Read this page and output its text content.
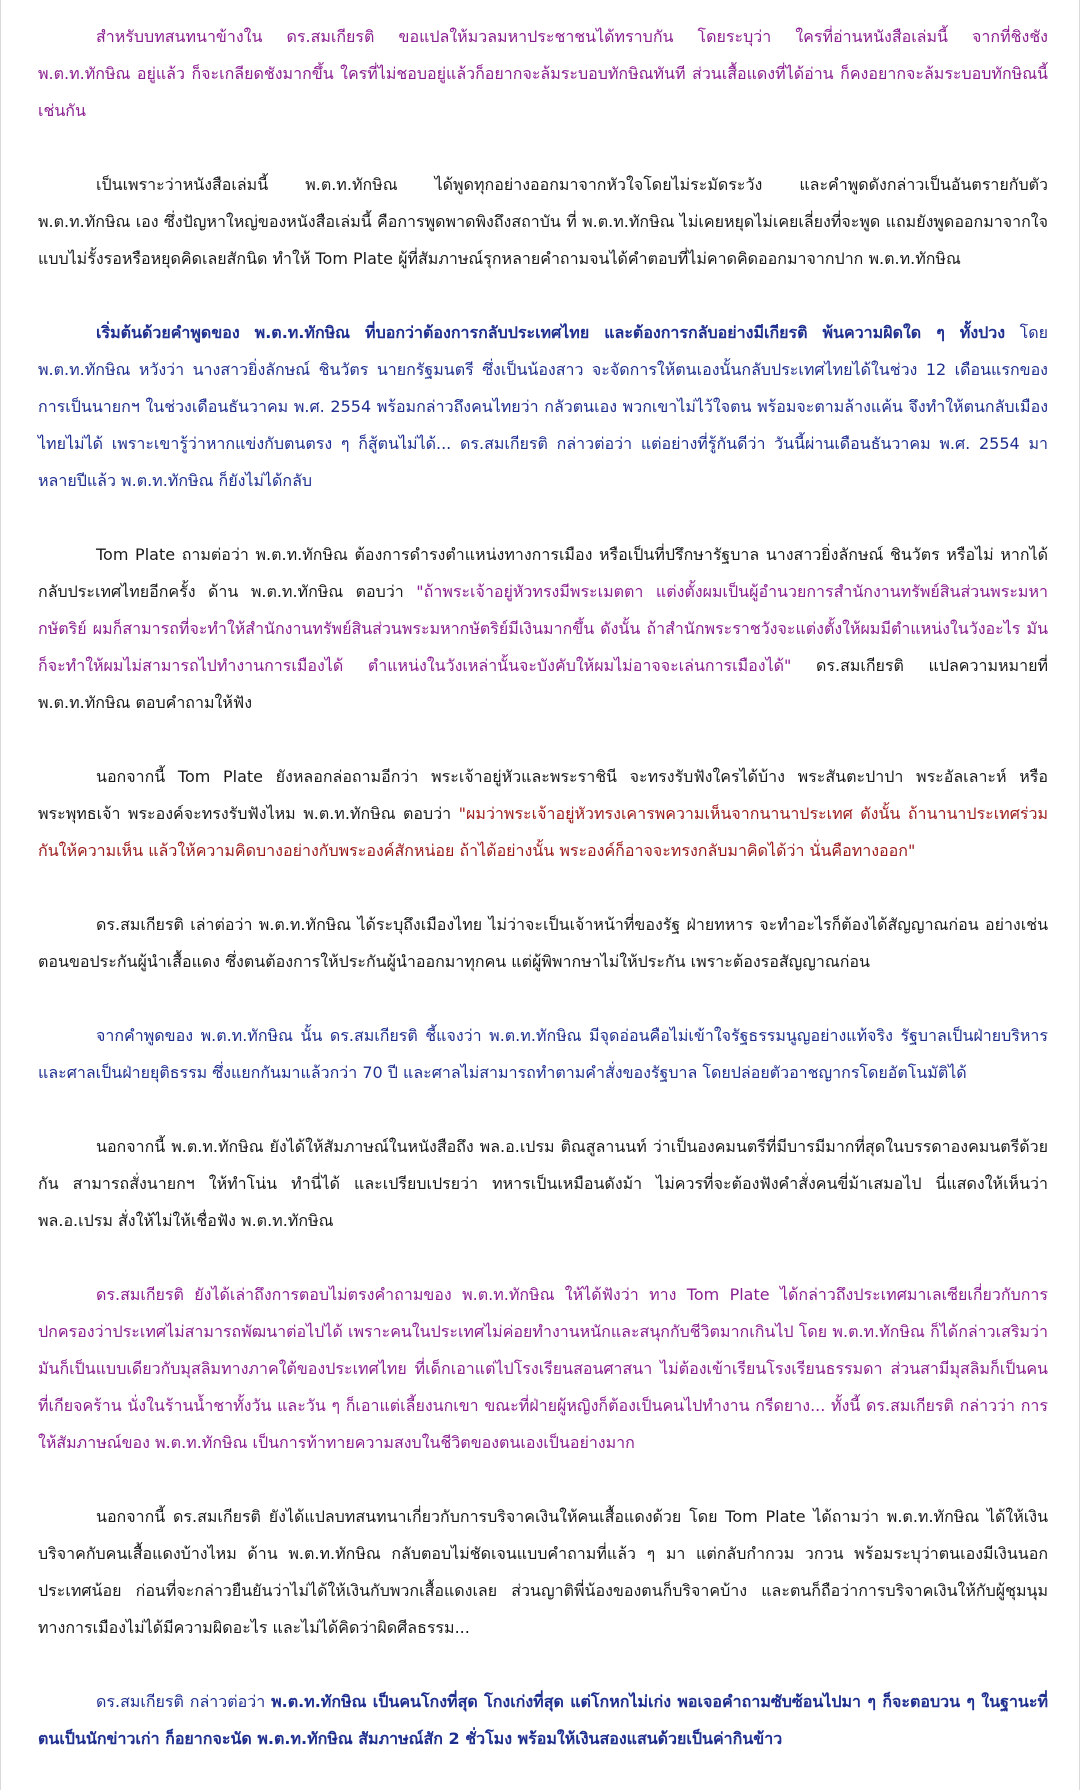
สำหรับบทสนทนาข้างใน ดร.สมเกียรติ ขอแปลให้มวลมหาประชาชนได้ทราบกัน โดยระบุว่า ใครที่อ่านหนังสือเล่มนี้ จากที่ชิงชัง พ.ต.ท.ทักษิณ อยู่แล้ว ก็จะเกลียดชังมากขึ้น ใครที่ไม่ชอบอยู่แล้วก็อยากจะล้มระบอบทักษิณทันที ส่วนเสื้อแดงที่ได้อ่าน ก็คงอยากจะล้มระบอบทักษิณนี้เช่นกัน

เป็นเพราะว่าหนังสือเล่มนี้ พ.ต.ท.ทักษิณ ได้พูดทุกอย่างออกมาจากหัวใจโดยไม่ระมัดระวัง และคำพูดดังกล่าวเป็นอันตรายกับตัว พ.ต.ท.ทักษิณ เอง ซึ่งปัญหาใหญ่ของหนังสือเล่มนี้ คือการพูดพาดพิงถึงสถาบัน ที่ พ.ต.ท.ทักษิณ ไม่เคยหยุดไม่เคยเลี่ยงที่จะพูด แถมยังพูดออกมาจากใจแบบไม่รั้งรอหรือหยุดคิดเลยสักนิด ทำให้ Tom Plate ผู้ที่สัมภาษณ์รุกหลายคำถามจนได้คำตอบที่ไม่คาดคิดออกมาจากปาก พ.ต.ท.ทักษิณ

เริ่มต้นด้วยคำพูดของ พ.ต.ท.ทักษิณ ที่บอกว่าต้องการกลับประเทศไทย และต้องการกลับอย่างมีเกียรติ พ้นความผิดใด ๆ ทั้งปวง โดย พ.ต.ท.ทักษิณ หวังว่า นางสาวยิ่งลักษณ์ ชินวัตร นายกรัฐมนตรี ซึ่งเป็นน้องสาว จะจัดการให้ตนเองนั้นกลับประเทศไทยได้ในช่วง 12 เดือนแรกของการเป็นนายกฯ ในช่วงเดือนธันวาคม พ.ศ. 2554 พร้อมกล่าวถึงคนไทยว่า กลัวตนเอง พวกเขาไม่ไว้ใจตน พร้อมจะตามล้างแค้น จึงทำให้ตนกลับเมืองไทยไม่ได้ เพราะเขารู้ว่าหากแข่งกับตนตรง ๆ ก็สู้ตนไม่ได้... ดร.สมเกียรติ กล่าวต่อว่า แต่อย่างที่รู้กันดีว่า วันนี้ผ่านเดือนธันวาคม พ.ศ. 2554 มาหลายปีแล้ว พ.ต.ท.ทักษิณ ก็ยังไม่ได้กลับ

Tom Plate ถามต่อว่า พ.ต.ท.ทักษิณ ต้องการดำรงตำแหน่งทางการเมือง หรือเป็นที่ปรึกษารัฐบาล นางสาวยิ่งลักษณ์ ชินวัตร หรือไม่ หากได้กลับประเทศไทยอีกครั้ง ด้าน พ.ต.ท.ทักษิณ ตอบว่า "ถ้าพระเจ้าอยู่หัวทรงมีพระเมตตา แต่งตั้งผมเป็นผู้อำนวยการสำนักงานทรัพย์สินส่วนพระมหากษัตริย์ ผมก็สามารถที่จะทำให้สำนักงานทรัพย์สินส่วนพระมหากษัตริย์มีเงินมากขึ้น ดังนั้น ถ้าสำนักพระราชวังจะแต่งตั้งให้ผมมีตำแหน่งในวังอะไร มันก็จะทำให้ผมไม่สามารถไปทำงานการเมืองได้ ตำแหน่งในวังเหล่านั้นจะบังคับให้ผมไม่อาจจะเล่นการเมืองได้" ดร.สมเกียรติ แปลความหมายที่ พ.ต.ท.ทักษิณ ตอบคำถามให้ฟัง

นอกจากนี้ Tom Plate ยังหลอกล่อถามอีกว่า พระเจ้าอยู่หัวและพระราชินี จะทรงรับฟังใครได้บ้าง พระสันตะปาปา พระอัลเลาะห์ หรือพระพุทธเจ้า พระองค์จะทรงรับฟังไหม พ.ต.ท.ทักษิณ ตอบว่า "ผมว่าพระเจ้าอยู่หัวทรงเคารพความเห็นจากนานาประเทศ ดังนั้น ถ้านานาประเทศร่วมกันให้ความเห็น แล้วให้ความคิดบางอย่างกับพระองค์สักหน่อย ถ้าได้อย่างนั้น พระองค์ก็อาจจะทรงกลับมาคิดได้ว่า นั่นคือทางออก"

ดร.สมเกียรติ เล่าต่อว่า พ.ต.ท.ทักษิณ ได้ระบุถึงเมืองไทย ไม่ว่าจะเป็นเจ้าหน้าที่ของรัฐ ฝ่ายทหาร จะทำอะไรก็ต้องได้สัญญาณก่อน อย่างเช่นตอนขอประกันผู้นำเสื้อแดง ซึ่งตนต้องการให้ประกันผู้นำออกมาทุกคน แต่ผู้พิพากษาไม่ให้ประกัน เพราะต้องรอสัญญาณก่อน

จากคำพูดของ พ.ต.ท.ทักษิณ นั้น ดร.สมเกียรติ ชี้แจงว่า พ.ต.ท.ทักษิณ มีจุดอ่อนคือไม่เข้าใจรัฐธรรมนูญอย่างแท้จริง รัฐบาลเป็นฝ่ายบริหารและศาลเป็นฝ่ายยุติธรรม ซึ่งแยกกันมาแล้วกว่า 70 ปี และศาลไม่สามารถทำตามคำสั่งของรัฐบาล โดยปล่อยตัวอาชญากรโดยอัตโนมัติได้

นอกจากนี้ พ.ต.ท.ทักษิณ ยังได้ให้สัมภาษณ์ในหนังสือถึง พล.อ.เปรม ติณสูลานนท์ ว่าเป็นองคมนตรีที่มีบารมีมากที่สุดในบรรดาองคมนตรีด้วยกัน สามารถสั่งนายกฯ ให้ทำโน่น ทำนี่ได้ และเปรียบเปรยว่า ทหารเป็นเหมือนดังม้า ไม่ควรที่จะต้องฟังคำสั่งคนขี่ม้าเสมอไป นี่แสดงให้เห็นว่า พล.อ.เปรม สั่งให้ไม่ให้เชื่อฟัง พ.ต.ท.ทักษิณ

ดร.สมเกียรติ ยังได้เล่าถึงการตอบไม่ตรงคำถามของ พ.ต.ท.ทักษิณ ให้ได้ฟังว่า ทาง Tom Plate ได้กล่าวถึงประเทศมาเลเซียเกี่ยวกับการปกครองว่าประเทศไม่สามารถพัฒนาต่อไปได้ เพราะคนในประเทศไม่ค่อยทำงานหนักและสนุกกับชีวิตมากเกินไป โดย พ.ต.ท.ทักษิณ ก็ได้กล่าวเสริมว่า มันก็เป็นแบบเดียวกับมุสลิมทางภาคใต้ของประเทศไทย ที่เด็กเอาแต่ไปโรงเรียนสอนศาสนา ไม่ต้องเข้าเรียนโรงเรียนธรรมดา ส่วนสามีมุสลิมก็เป็นคนที่เกียจคร้าน นั่งในร้านน้ำชาทั้งวัน และวัน ๆ ก็เอาแต่เลี้ยงนกเขา ขณะที่ฝ่ายผู้หญิงก็ต้องเป็นคนไปทำงาน กรีดยาง... ทั้งนี้ ดร.สมเกียรติ กล่าวว่า การให้สัมภาษณ์ของ พ.ต.ท.ทักษิณ เป็นการท้าทายความสงบในชีวิตของตนเองเป็นอย่างมาก

นอกจากนี้ ดร.สมเกียรติ ยังได้แปลบทสนทนาเกี่ยวกับการบริจาคเงินให้คนเสื้อแดงด้วย โดย Tom Plate ได้ถามว่า พ.ต.ท.ทักษิณ ได้ให้เงินบริจาคกับคนเสื้อแดงบ้างไหม ด้าน พ.ต.ท.ทักษิณ กลับตอบไม่ชัดเจนแบบคำถามที่แล้ว ๆ มา แต่กลับกำกวม วกวน พร้อมระบุว่าตนเองมีเงินนอกประเทศน้อย ก่อนที่จะกล่าวยืนยันว่าไม่ได้ให้เงินกับพวกเสื้อแดงเลย ส่วนญาติพี่น้องของตนก็บริจาคบ้าง และตนก็ถือว่าการบริจาคเงินให้กับผู้ชุมนุมทางการเมืองไม่ได้มีความผิดอะไร และไม่ได้คิดว่าผิดศีลธรรม...

ดร.สมเกียรติ กล่าวต่อว่า พ.ต.ท.ทักษิณ เป็นคนโกงที่สุด โกงเก่งที่สุด แต่โกหกไม่เก่ง พอเจอคำถามซับซ้อนไปมา ๆ ก็จะตอบวน ๆ ในฐานะที่ตนเป็นนักข่าวเก่า ก็อยากจะนัด พ.ต.ท.ทักษิณ สัมภาษณ์สัก 2 ชั่วโมง พร้อมให้เงินสองแสนด้วยเป็นค่ากินข้าว
